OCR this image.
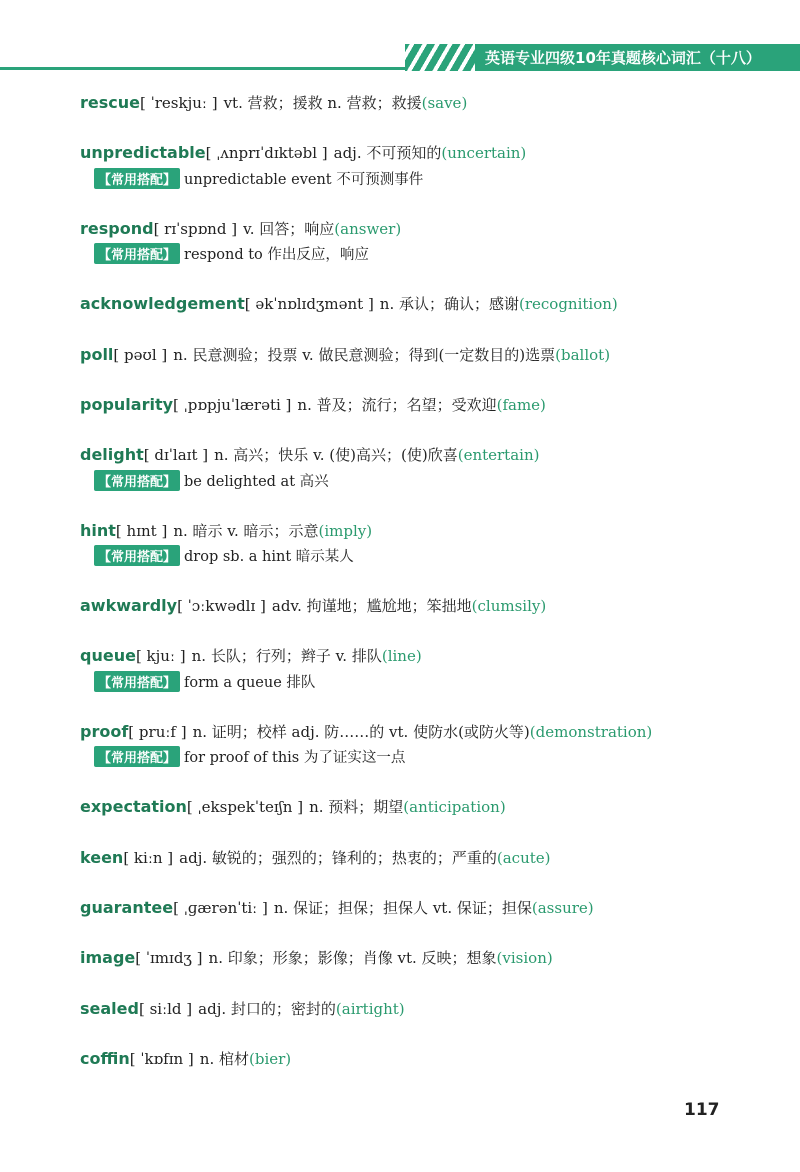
英语专业四级10年真题核心词汇（十八）
rescue [ ˈreskjuː ] vt. 营救；援救 n. 营救；救援 (save)
unpredictable [ ˌʌnprɪˈdɪktəbl ] adj. 不可预知的 (uncertain)
【常用搭配】 unpredictable event 不可预测事件
respond [ rɪˈspɒnd ] v. 回答；响应 (answer)
【常用搭配】 respond to 作出反应，响应
acknowledgement [ əkˈnɒlɪdʒmənt ] n. 承认；确认；感谢 (recognition)
poll [ pəʊl ] n. 民意测验；投票 v. 做民意测验；得到(一定数目的)选票 (ballot)
popularity [ ˌpɒpjuˈlærəti ] n. 普及；流行；名望；受欢迎 (fame)
delight [ dɪˈlaɪt ] n. 高兴；快乐 v. (使)高兴；(使)欣喜 (entertain)
【常用搭配】 be delighted at 高兴
hint [ hɪnt ] n. 暗示 v. 暗示；示意 (imply)
【常用搭配】 drop sb. a hint 暗示某人
awkwardly [ ˈɔːkwədlɪ ] adv. 拘谨地；尴尬地；笨拙地 (clumsily)
queue [ kjuː ] n. 长队；行列；辫子 v. 排队 (line)
【常用搭配】 form a queue 排队
proof [ pruːf ] n. 证明；校样 adj. 防……的 vt. 使防水(或防火等) (demonstration)
【常用搭配】 for proof of this 为了证实这一点
expectation [ ˌekspekˈteɪʃn ] n. 预料；期望 (anticipation)
keen [ kiːn ] adj. 敏锐的；强烈的；锋利的；热衷的；严重的 (acute)
guarantee [ ˌɡærənˈtiː ] n. 保证；担保；担保人 vt. 保证；担保 (assure)
image [ ˈɪmɪdʒ ] n. 印象；形象；影像；肖像 vt. 反映；想象 (vision)
sealed [ siːld ] adj. 封口的；密封的 (airtight)
coffin [ ˈkɒfɪn ] n. 棺材 (bier)
117
